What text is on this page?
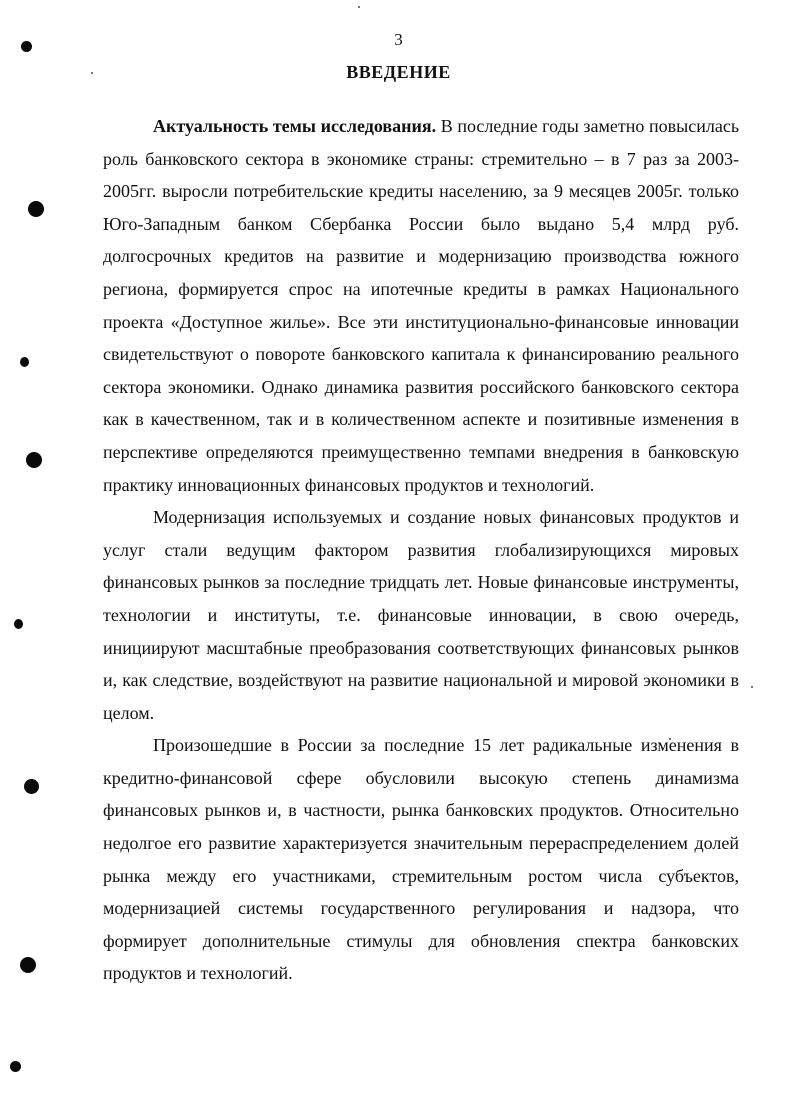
3
ВВЕДЕНИЕ

Актуальность темы исследования. В последние годы заметно повысилась роль банковского сектора в экономике страны: стремительно – в 7 раз за 2003-2005гг. выросли потребительские кредиты населению, за 9 месяцев 2005г. только Юго-Западным банком Сбербанка России было выдано 5,4 млрд руб. долгосрочных кредитов на развитие и модернизацию производства южного региона, формируется спрос на ипотечные кредиты в рамках Национального проекта «Доступное жилье». Все эти институционально-финансовые инновации свидетельствуют о повороте банковского капитала к финансированию реального сектора экономики. Однако динамика развития российского банковского сектора как в качественном, так и в количественном аспекте и позитивные изменения в перспективе определяются преимущественно темпами внедрения в банковскую практику инновационных финансовых продуктов и технологий.

Модернизация используемых и создание новых финансовых продуктов и услуг стали ведущим фактором развития глобализирующихся мировых финансовых рынков за последние тридцать лет. Новые финансовые инструменты, технологии и институты, т.е. финансовые инновации, в свою очередь, инициируют масштабные преобразования соответствующих финансовых рынков и, как следствие, воздействуют на развитие национальной и мировой экономики в целом.

Произошедшие в России за последние 15 лет радикальные изменения в кредитно-финансовой сфере обусловили высокую степень динамизма финансовых рынков и, в частности, рынка банковских продуктов. Относительно недолгое его развитие характеризуется значительным перераспределением долей рынка между его участниками, стремительным ростом числа субъектов, модернизацией системы государственного регулирования и надзора, что формирует дополнительные стимулы для обновления спектра банковских продуктов и технологий.
